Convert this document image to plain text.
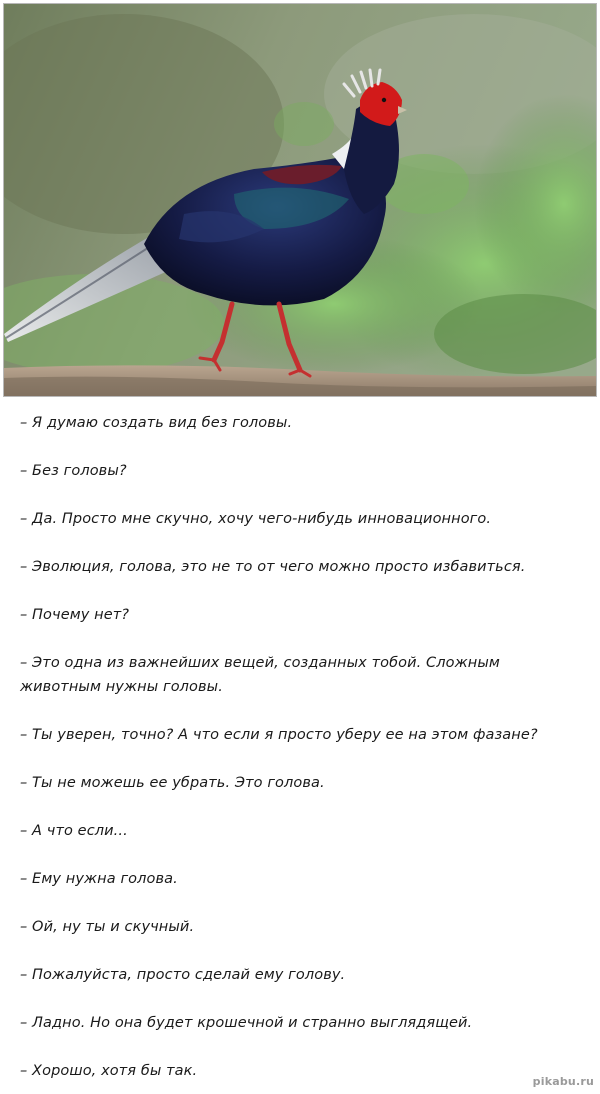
– Я думаю создать вид без головы.
– Без головы?
– Да. Просто мне скучно, хочу чего-нибудь инновационного.
– Эволюция, голова, это не то от чего можно просто избавиться.
– Почему нет?
– Это одна из важнейших вещей, созданных тобой. Сложным животным нужны головы.
– Ты уверен, точно? А что если я просто уберу ее на этом фазане?
– Ты не можешь ее убрать. Это голова.
– А что если...
– Ему нужна голова.
– Ой, ну ты и скучный.
– Пожалуйста, просто сделай ему голову.
– Ладно. Но она будет крошечной и странно выглядящей.
– Хорошо, хотя бы так.
pikabu.ru
